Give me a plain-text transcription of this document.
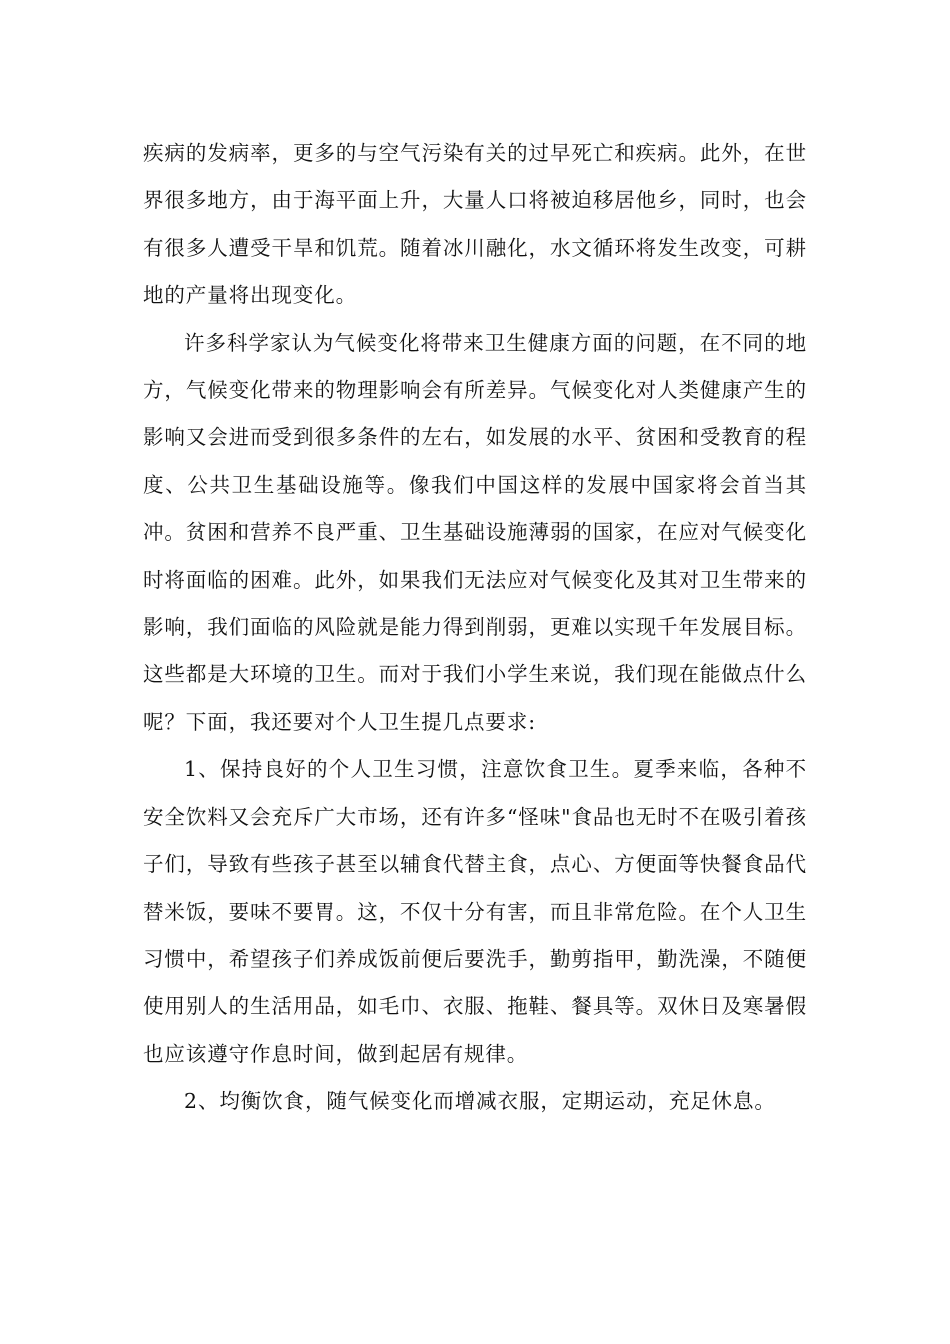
疾病的发病率，更多的与空气污染有关的过早死亡和疾病。此外，在世界很多地方，由于海平面上升，大量人口将被迫移居他乡，同时，也会有很多人遭受干旱和饥荒。随着冰川融化，水文循环将发生改变，可耕地的产量将出现变化。

许多科学家认为气候变化将带来卫生健康方面的问题，在不同的地方，气候变化带来的物理影响会有所差异。气候变化对人类健康产生的影响又会进而受到很多条件的左右，如发展的水平、贫困和受教育的程度、公共卫生基础设施等。像我们中国这样的发展中国家将会首当其冲。贫困和营养不良严重、卫生基础设施薄弱的国家，在应对气候变化时将面临的困难。此外，如果我们无法应对气候变化及其对卫生带来的影响，我们面临的风险就是能力得到削弱，更难以实现千年发展目标。这些都是大环境的卫生。而对于我们小学生来说，我们现在能做点什么呢？下面，我还要对个人卫生提几点要求:

1、保持良好的个人卫生习惯，注意饮食卫生。夏季来临，各种不安全饮料又会充斥广大市场，还有许多“怪味"食品也无时不在吸引着孩子们，导致有些孩子甚至以辅食代替主食，点心、方便面等快餐食品代替米饭，要味不要胃。这，不仅十分有害，而且非常危险。在个人卫生习惯中，希望孩子们养成饭前便后要洗手，勤剪指甲，勤洗澡，不随便使用别人的生活用品，如毛巾、衣服、拖鞋、餐具等。双休日及寒暑假也应该遵守作息时间，做到起居有规律。

2、均衡饮食，随气候变化而增减衣服，定期运动，充足休息。
